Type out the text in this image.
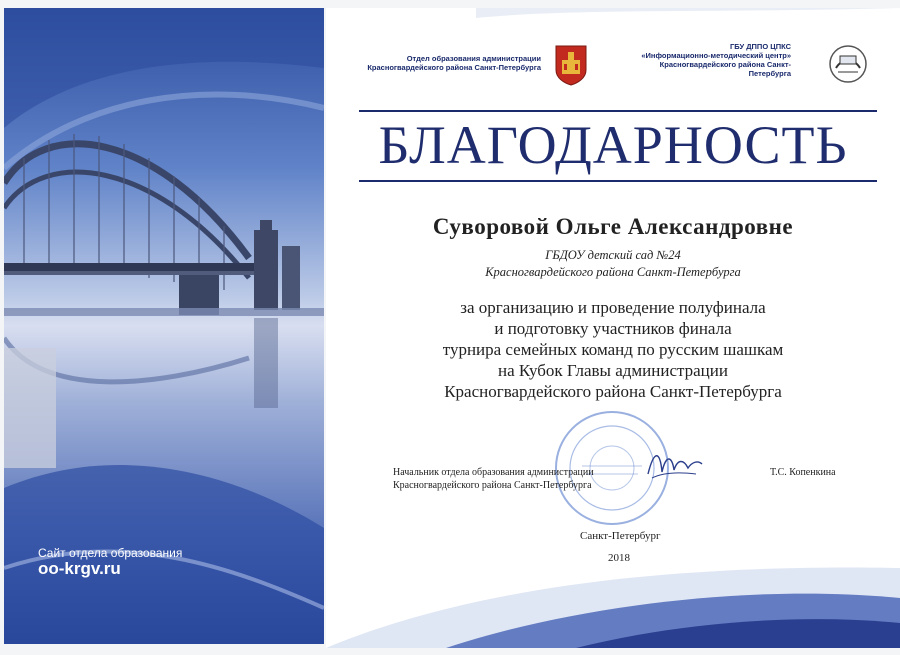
Сайт отдела образования
oo-krgv.ru
Отдел образования администрации
Красногвардейского района Санкт-Петербурга
ГБУ ДППО ЦПКС
«Информационно-методический центр»
Красногвардейского района Санкт-Петербурга
БЛАГОДАРНОСТЬ
Суворовой Ольге Александровне
ГБДОУ детский сад №24
Красногвардейского района Санкт-Петербурга
за организацию и проведение полуфинала
и подготовку участников финала
турнира семейных команд по русским шашкам
на Кубок Главы администрации
Красногвардейского района Санкт-Петербурга
Начальник отдела образования администрации
Красногвардейского района Санкт-Петербурга
Т.С. Копенкина
Санкт-Петербург
2018
